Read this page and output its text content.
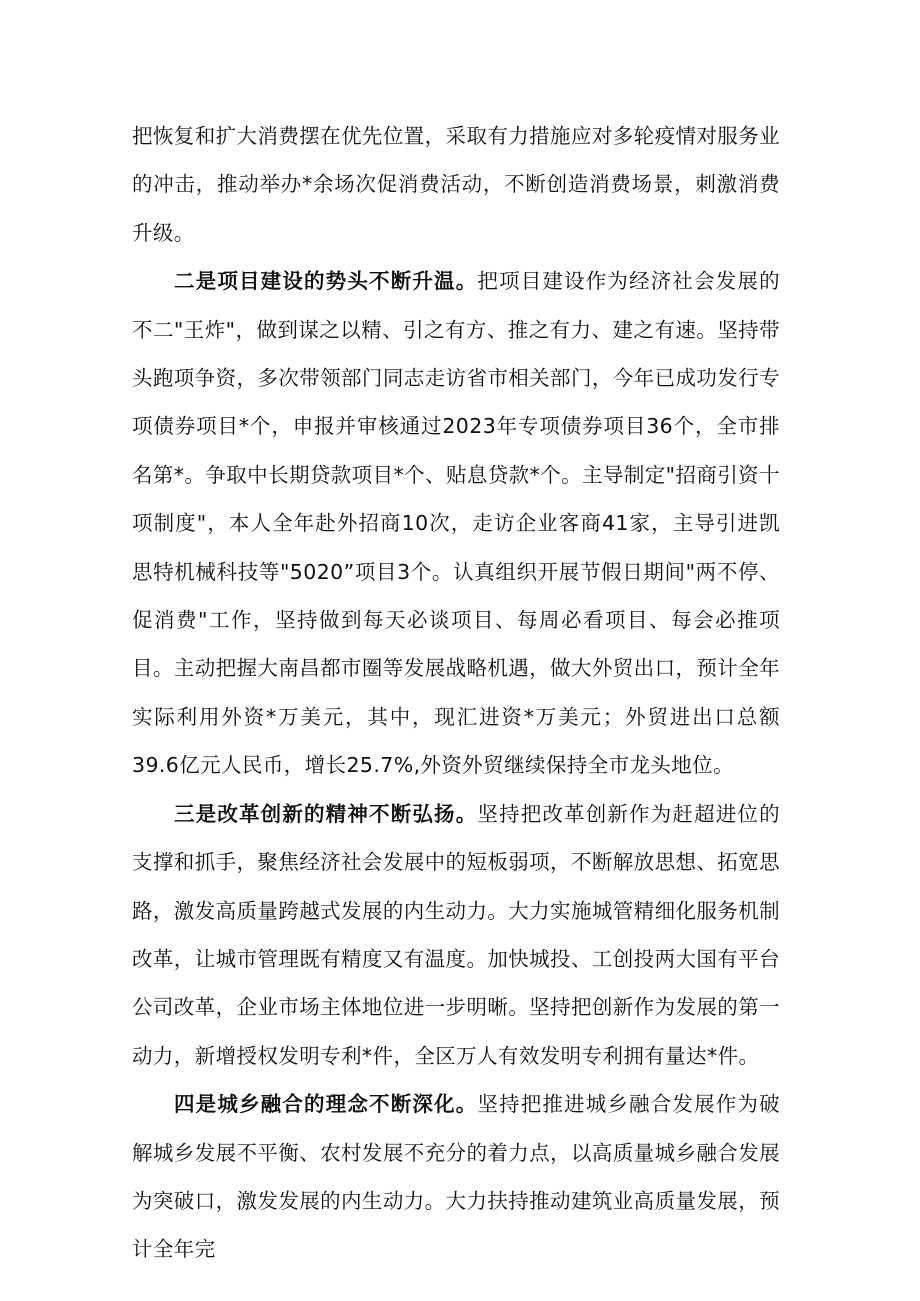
把恢复和扩大消费摆在优先位置，采取有力措施应对多轮疫情对服务业的冲击，推动举办*余场次促消费活动，不断创造消费场景，刺激消费升级。

二是项目建设的势头不断升温。把项目建设作为经济社会发展的不二"王炸"，做到谋之以精、引之有方、推之有力、建之有速。坚持带头跑项争资，多次带领部门同志走访省市相关部门，今年已成功发行专项债券项目*个，申报并审核通过2023年专项债券项目36个，全市排名第*。争取中长期贷款项目*个、贴息贷款*个。主导制定"招商引资十项制度"，本人全年赴外招商10次，走访企业客商41家，主导引进凯思特机械科技等"5020”项目3个。认真组织开展节假日期间"两不停、促消费"工作，坚持做到每天必谈项目、每周必看项目、每会必推项目。主动把握大南昌都市圈等发展战略机遇，做大外贸出口，预计全年实际利用外资*万美元，其中，现汇进资*万美元；外贸进出口总额39.6亿元人民币，增长25.7%,外资外贸继续保持全市龙头地位。

三是改革创新的精神不断弘扬。坚持把改革创新作为赶超进位的支撑和抓手，聚焦经济社会发展中的短板弱项，不断解放思想、拓宽思路，激发高质量跨越式发展的内生动力。大力实施城管精细化服务机制改革，让城市管理既有精度又有温度。加快城投、工创投两大国有平台公司改革，企业市场主体地位进一步明晰。坚持把创新作为发展的第一动力，新增授权发明专利*件，全区万人有效发明专利拥有量达*件。

四是城乡融合的理念不断深化。坚持把推进城乡融合发展作为破解城乡发展不平衡、农村发展不充分的着力点，以高质量城乡融合发展为突破口，激发发展的内生动力。大力扶持推动建筑业高质量发展，预计全年完
